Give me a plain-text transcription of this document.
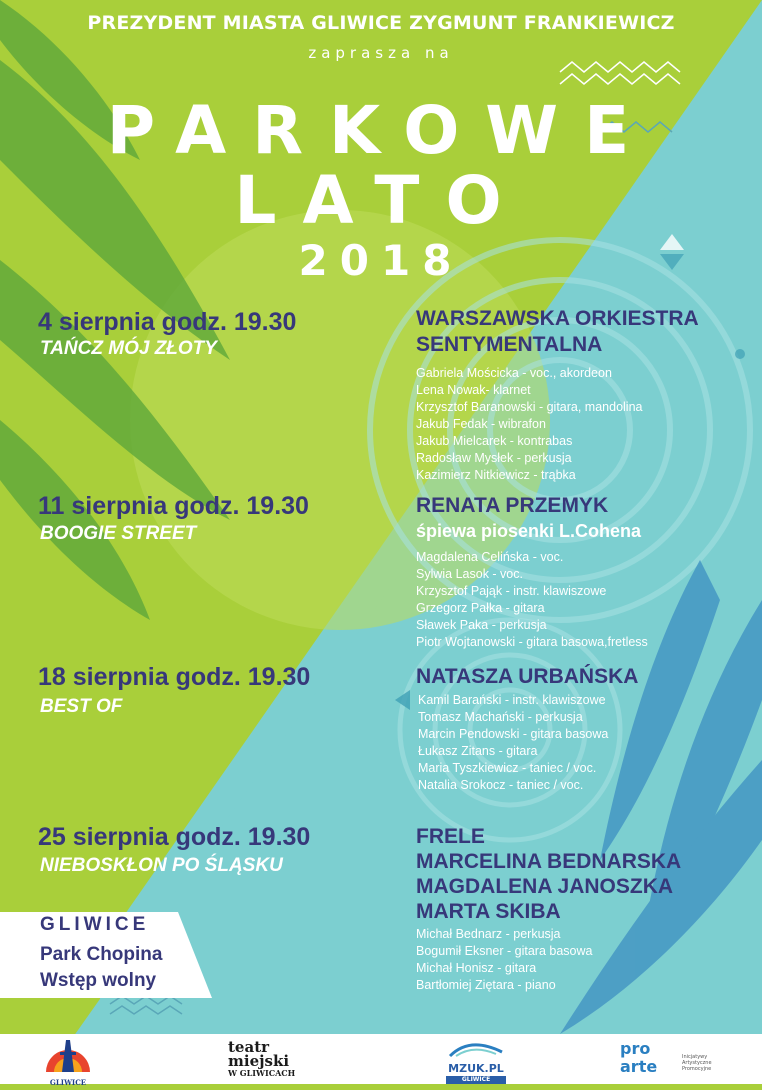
PREZYDENT MIASTA GLIWICE ZYGMUNT FRANKIEWICZ
zaprasza na
PARKOWE
LATO
2018
4 sierpnia godz. 19.30
TAŃCZ MÓJ ZŁOTY
WARSZAWSKA ORKIESTRA
SENTYMENTALNA
Gabriela Mościcka - voc., akordeon
Lena Nowak- klarnet
Krzysztof Baranowski - gitara, mandolina
Jakub Fedak - wibrafon
Jakub Mielcarek - kontrabas
Radosław Mysłek - perkusja
Kazimierz Nitkiewicz - trąbka
11 sierpnia godz. 19.30
BOOGIE STREET
RENATA PRZEMYK
śpiewa piosenki L.Cohena
Magdalena Celińska - voc.
Sylwia Lasok - voc.
Krzysztof Pająk - instr. klawiszowe
Grzegorz Pałka - gitara
Sławek Paka - perkusja
Piotr Wojtanowski - gitara basowa,fretless
18 sierpnia godz. 19.30
BEST OF
NATASZA URBAŃSKA
Kamil Barański - instr. klawiszowe
Tomasz Machański - perkusja
Marcin Pendowski - gitara basowa
Łukasz Zitans - gitara
Maria Tyszkiewicz - taniec / voc.
Natalia Srokocz - taniec / voc.
25 sierpnia godz. 19.30
NIEBOSKŁON PO ŚLĄSKU
FRELE
MARCELINA BEDNARSKA
MAGDALENA JANOSZKA
MARTA SKIBA
Michał Bednarz - perkusja
Bogumił Eksner - gitara basowa
Michał Honisz - gitara
Bartłomiej Ziętara - piano
GLIWICE
Park Chopina
Wstęp wolny
GLIWICE
teatr
miejski
W GLIWICACH	MZUK.PL
GLIWICE
pro arte	Inicjatywy Artystyczne Promocyjne
